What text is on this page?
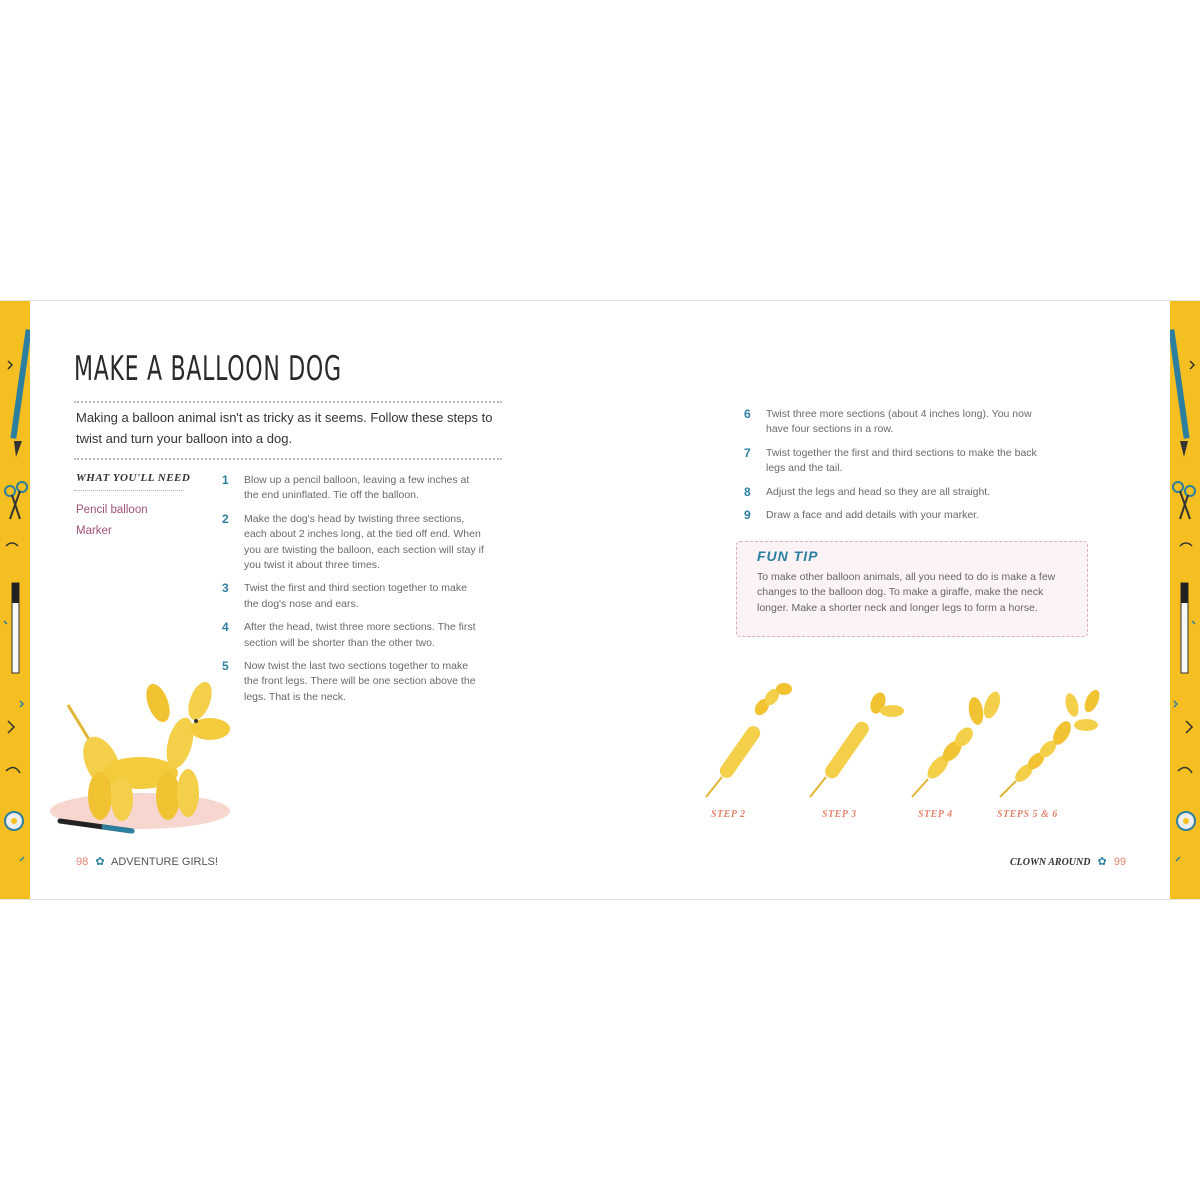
MAKE A BALLOON DOG
Making a balloon animal isn't as tricky as it seems. Follow these steps to twist and turn your balloon into a dog.
WHAT YOU'LL NEED
Pencil balloon
Marker
1 Blow up a pencil balloon, leaving a few inches at the end uninflated. Tie off the balloon.
2 Make the dog's head by twisting three sections, each about 2 inches long, at the tied off end. When you are twisting the balloon, each section will stay if you twist it about three times.
3 Twist the first and third section together to make the dog's nose and ears.
4 After the head, twist three more sections. The first section will be shorter than the other two.
5 Now twist the last two sections together to make the front legs. There will be one section above the legs. That is the neck.
98 ✿ ADVENTURE GIRLS!
6 Twist three more sections (about 4 inches long). You now have four sections in a row.
7 Twist together the first and third sections to make the back legs and the tail.
8 Adjust the legs and head so they are all straight.
9 Draw a face and add details with your marker.
FUN TIP
To make other balloon animals, all you need to do is make a few changes to the balloon dog. To make a giraffe, make the neck longer. Make a shorter neck and longer legs to form a horse.
STEP 2	STEP 3	STEP 4	STEPS 5 & 6
CLOWN AROUND ✿ 99
